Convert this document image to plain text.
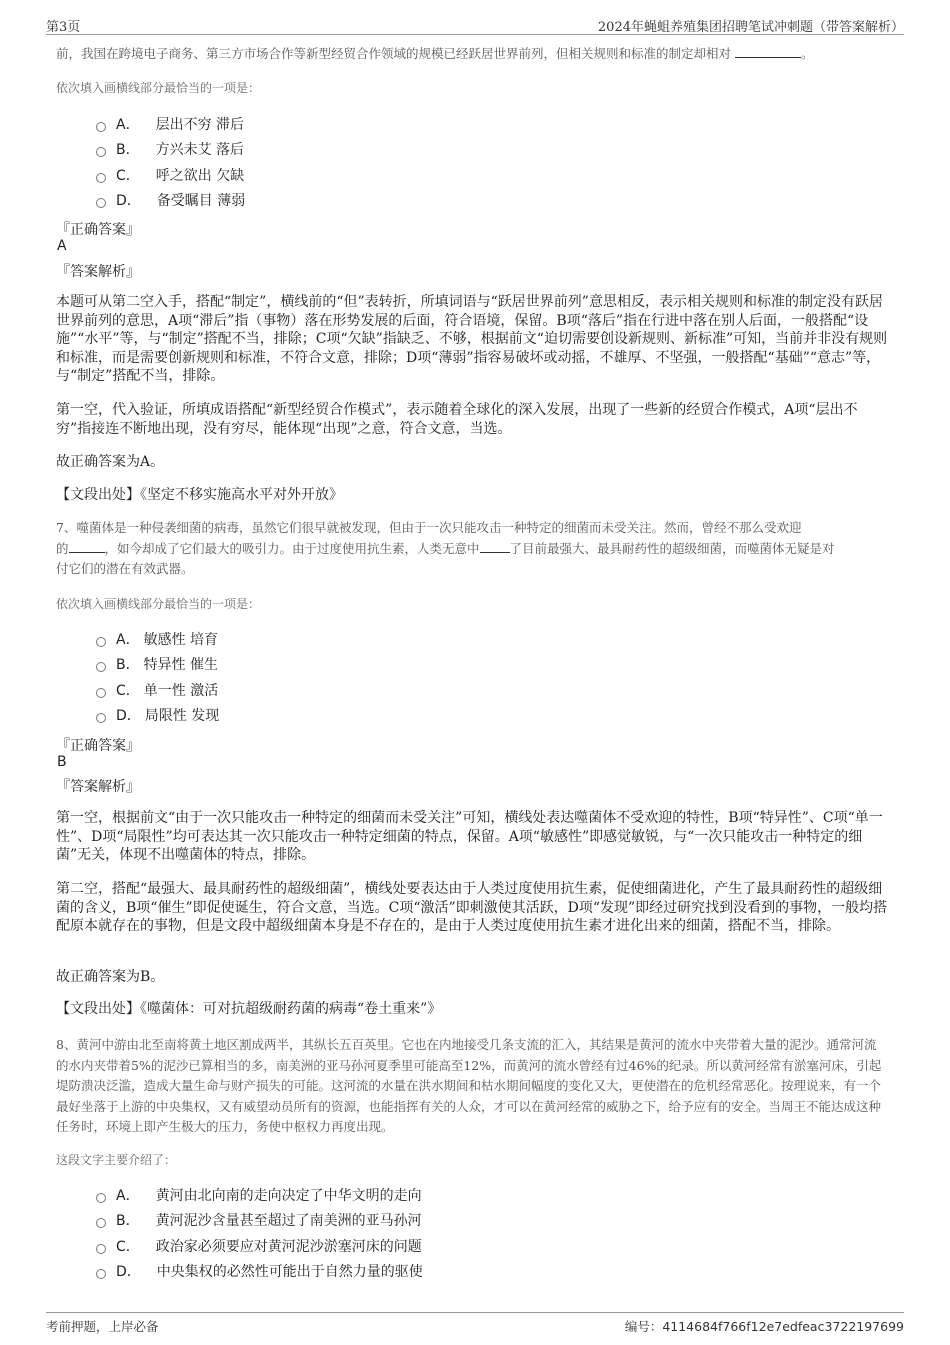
第3页	2024年蝇蛆养殖集团招聘笔试冲刺题（带答案解析）
前，我国在跨境电子商务、第三方市场合作等新型经贸合作领域的规模已经跃居世界前列，但相关规则和标准的制定却相对	。
依次填入画横线部分最恰当的一项是：
A． 层出不穷 滞后
B． 方兴未艾 落后
C． 呼之欲出 欠缺
D． 备受瞩目 薄弱
『正确答案』
A
『答案解析』
本题可从第二空入手，搭配“制定”，横线前的“但”表转折，所填词语与“跃居世界前列”意思相反，表示相关规则和标准的制定没有跃居世界前列的意思，A项“滞后”指（事物）落在形势发展的后面，符合语境，保留。B项“落后”指在行进中落在别人后面，一般搭配“设施”“水平”等，与“制定”搭配不当，排除；C项“欠缺”指缺乏、不够，根据前文“迫切需要创设新规则、新标准”可知，当前并非没有规则和标准，而是需要创新规则和标准，不符合文意，排除；D项“薄弱”指容易破坏或动摇，不雄厚、不坚强，一般搭配“基础”“意志”等，与“制定”搭配不当，排除。
第一空，代入验证，所填成语搭配“新型经贸合作模式”，表示随着全球化的深入发展，出现了一些新的经贸合作模式，A项“层出不穷”指接连不断地出现，没有穷尽，能体现“出现”之意，符合文意，当选。
故正确答案为A。
【文段出处】《坚定不移实施高水平对外开放》
7、噬菌体是一种侵袭细菌的病毒，虽然它们很早就被发现，但由于一次只能攻击一种特定的细菌而未受关注。然而，曾经不那么受欢迎
的	，如今却成了它们最大的吸引力。由于过度使用抗生素，人类无意中 了目前最强大、最具耐药性的超级细菌，而噬菌体无疑是对
付它们的潜在有效武器。
依次填入画横线部分最恰当的一项是：
A． 敏感性 培育
B． 特异性 催生
C． 单一性 激活
D． 局限性 发现
『正确答案』
B
『答案解析』
第一空，根据前文“由于一次只能攻击一种特定的细菌而未受关注”可知，横线处表达噬菌体不受欢迎的特性，B项“特异性”、C项“单一性”、D项“局限性”均可表达其一次只能攻击一种特定细菌的特点，保留。A项“敏感性”即感觉敏锐，与“一次只能攻击一种特定的细菌”无关，体现不出噬菌体的特点，排除。
第二空，搭配“最强大、最具耐药性的超级细菌”，横线处要表达由于人类过度使用抗生素，促使细菌进化，产生了最具耐药性的超级细菌的含义，B项“催生”即促使诞生，符合文意，当选。C项“激活”即刺激使其活跃，D项“发现”即经过研究找到没看到的事物，一般均搭配原本就存在的事物，但是文段中超级细菌本身是不存在的，是由于人类过度使用抗生素才进化出来的细菌，搭配不当，排除。
故正确答案为B。
【文段出处】《噬菌体：可对抗超级耐药菌的病毒“卷土重来”》
8、黄河中游由北至南将黄土地区割成两半，其纵长五百英里。它也在内地接受几条支流的汇入，其结果是黄河的流水中夹带着大量的泥沙。通常河流的水内夹带着5%的泥沙已算相当的多，南美洲的亚马孙河夏季里可能高至12%，而黄河的流水曾经有过46%的纪录。所以黄河经常有淤塞河床，引起堤防溃决泛滥，造成大量生命与财产损失的可能。这河流的水量在洪水期间和枯水期间幅度的变化又大，更使潜在的危机经常恶化。按理说来，有一个最好坐落于上游的中央集权，又有威望动员所有的资源，也能指挥有关的人众，才可以在黄河经常的威胁之下，给予应有的安全。当周王不能达成这种任务时，环境上即产生极大的压力，务使中枢权力再度出现。
这段文字主要介绍了：
A． 黄河由北向南的走向决定了中华文明的走向
B． 黄河泥沙含量甚至超过了南美洲的亚马孙河
C． 政治家必须要应对黄河泥沙淤塞河床的问题
D． 中央集权的必然性可能出于自然力量的驱使
考前押题，上岸必备	编号：4114684f766f12e7edfeac3722197699
